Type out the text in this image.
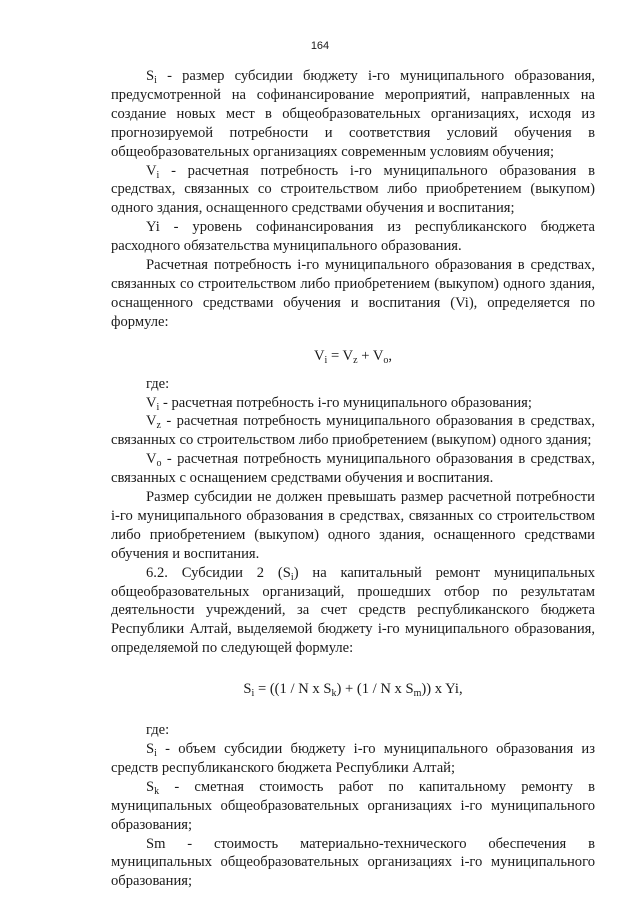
164

$S_i$ - размер субсидии бюджету i-го муниципального образования, предусмотренной на софинансирование мероприятий, направленных на создание новых мест в общеобразовательных организациях, исходя из прогнозируемой потребности и соответствия условий обучения в общеобразовательных организациях современным условиям обучения;

$V_i$ - расчетная потребность i-го муниципального образования в средствах, связанных со строительством либо приобретением (выкупом) одного здания, оснащенного средствами обучения и воспитания;

Yi - уровень софинансирования из республиканского бюджета расходного обязательства муниципального образования.

Расчетная потребность i-го муниципального образования в средствах, связанных со строительством либо приобретением (выкупом) одного здания, оснащенного средствами обучения и воспитания (Vi), определяется по формуле:

$V_i = V_z + V_o$,

где:

$V_i$ - расчетная потребность i-го муниципального образования;

$V_z$ - расчетная потребность муниципального образования в средствах, связанных со строительством либо приобретением (выкупом) одного здания;

$V_o$ - расчетная потребность муниципального образования в средствах, связанных с оснащением средствами обучения и воспитания.

Размер субсидии не должен превышать размер расчетной потребности i-го муниципального образования в средствах, связанных со строительством либо приобретением (выкупом) одного здания, оснащенного средствами обучения и воспитания.

6.2. Субсидии 2 $(S_i)$ на капитальный ремонт муниципальных общеобразовательных организаций, прошедших отбор по результатам деятельности учреждений, за счет средств республиканского бюджета Республики Алтай, выделяемой бюджету i-го муниципального образования, определяемой по следующей формуле:

$S_i = ((1 / N$ x $S_k) + (1 / N$ x $S_m$)) x Yi,

где:

$S_i$ - объем субсидии бюджету i-го муниципального образования из средств республиканского бюджета Республики Алтай;

$S_k$ - сметная стоимость работ по капитальному ремонту в муниципальных общеобразовательных организациях i-го муниципального образования;

Sm - стоимость материально-технического обеспечения в муниципальных общеобразовательных организациях i-го муниципального образования;
